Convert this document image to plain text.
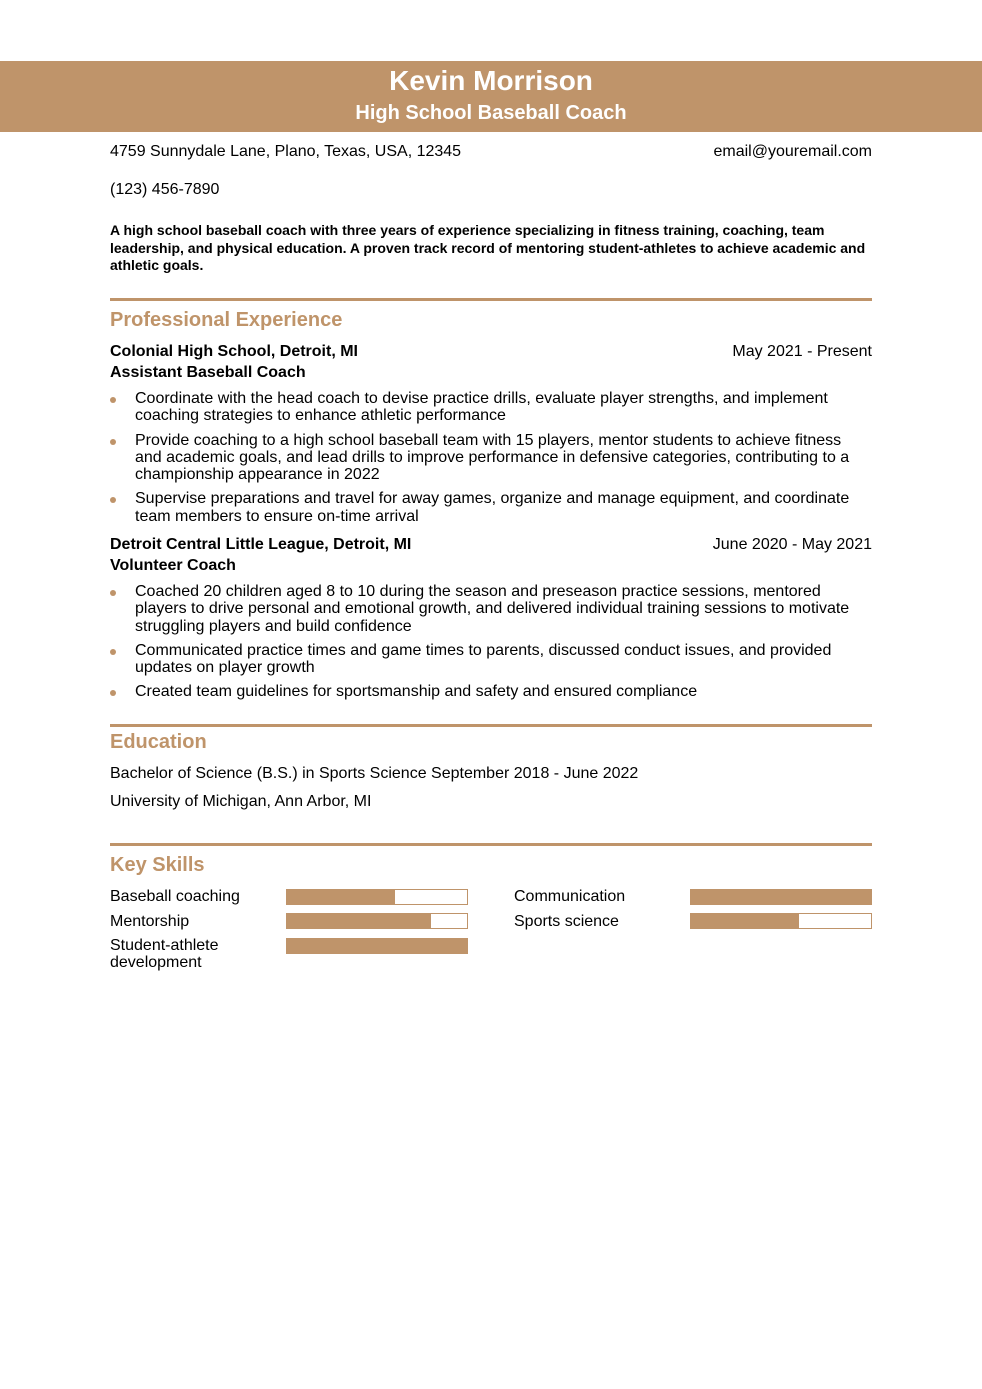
Kevin Morrison
High School Baseball Coach
4759 Sunnydale Lane, Plano, Texas, USA, 12345
(123) 456-7890
email@youremail.com
A high school baseball coach with three years of experience specializing in fitness training, coaching, team leadership, and physical education. A proven track record of mentoring student-athletes to achieve academic and athletic goals.
Professional Experience
Colonial High School, Detroit, MI	May 2021 - Present
Assistant Baseball Coach
Coordinate with the head coach to devise practice drills, evaluate player strengths, and implement coaching strategies to enhance athletic performance
Provide coaching to a high school baseball team with 15 players, mentor students to achieve fitness and academic goals, and lead drills to improve performance in defensive categories, contributing to a championship appearance in 2022
Supervise preparations and travel for away games, organize and manage equipment, and coordinate team members to ensure on-time arrival
Detroit Central Little League, Detroit, MI	June 2020 - May 2021
Volunteer Coach
Coached 20 children aged 8 to 10 during the season and preseason practice sessions, mentored players to drive personal and emotional growth, and delivered individual training sessions to motivate struggling players and build confidence
Communicated practice times and game times to parents, discussed conduct issues, and provided updates on player growth
Created team guidelines for sportsmanship and safety and ensured compliance
Education
Bachelor of Science (B.S.) in Sports Science September 2018 - June 2022
University of Michigan, Ann Arbor, MI
Key Skills
Baseball coaching	Communication
Mentorship	Sports science
Student-athlete development
